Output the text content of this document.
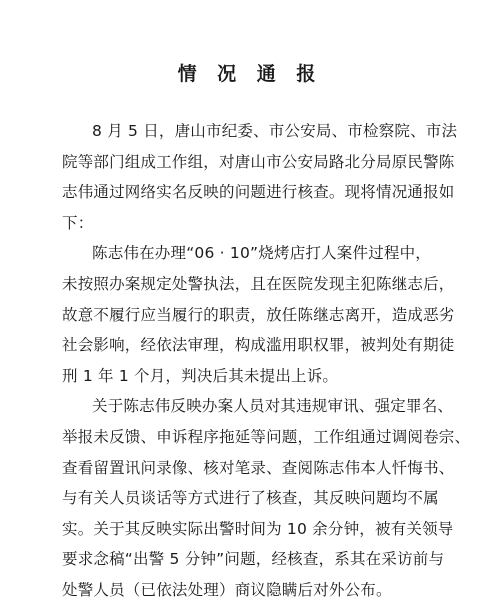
情 况 通 报
8 月 5 日，唐山市纪委、市公安局、市检察院、市法
院等部门组成工作组，对唐山市公安局路北分局原民警陈
志伟通过网络实名反映的问题进行核查。现将情况通报如
下：
陈志伟在办理“06 · 10”烧烤店打人案件过程中，
未按照办案规定处警执法，且在医院发现主犯陈继志后，
故意不履行应当履行的职责，放任陈继志离开，造成恶劣
社会影响，经依法审理，构成滥用职权罪，被判处有期徒
刑 1 年 1 个月，判决后其未提出上诉。
关于陈志伟反映办案人员对其违规审讯、强定罪名、
举报未反馈、申诉程序拖延等问题，工作组通过调阅卷宗、
查看留置讯问录像、核对笔录、查阅陈志伟本人忏悔书、
与有关人员谈话等方式进行了核查，其反映问题均不属
实。关于其反映实际出警时间为 10 余分钟，被有关领导
要求念稿“出警 5 分钟”问题，经核查，系其在采访前与
处警人员（已依法处理）商议隐瞒后对外公布。
